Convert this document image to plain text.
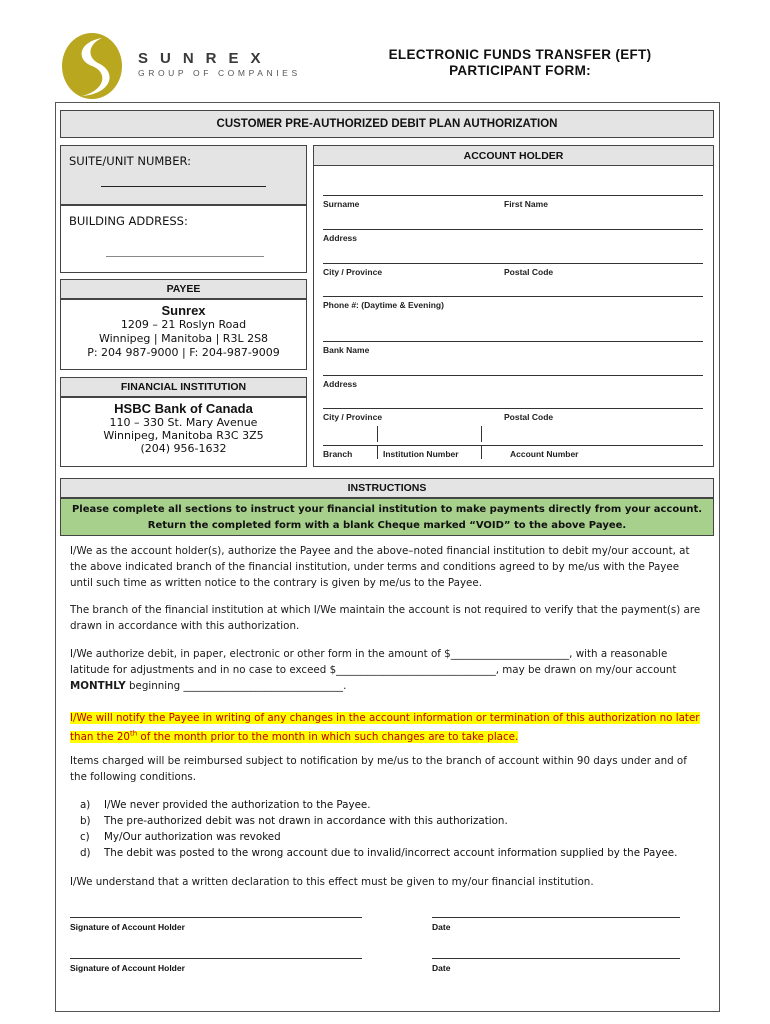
SUNREX
GROUP OF COMPANIES
ELECTRONIC FUNDS TRANSFER (EFT)
PARTICIPANT FORM:
CUSTOMER PRE-AUTHORIZED DEBIT PLAN AUTHORIZATION
SUITE/UNIT NUMBER:
BUILDING ADDRESS:
PAYEE
Sunrex
1209 – 21 Roslyn Road
Winnipeg | Manitoba | R3L 2S8
P: 204 987-9000 | F: 204-987-9009
FINANCIAL INSTITUTION
HSBC Bank of Canada
110 – 330 St. Mary Avenue
Winnipeg, Manitoba R3C 3Z5
(204) 956-1632
ACCOUNT HOLDER
Surname	First Name
Address
City / Province	Postal Code
Phone #: (Daytime & Evening)
Bank Name
Address
City / Province	Postal Code
Branch	Institution Number	Account Number
INSTRUCTIONS
Please complete all sections to instruct your financial institution to make payments directly from your account.
Return the completed form with a blank Cheque marked “VOID” to the above Payee.
I/We as the account holder(s), authorize the Payee and the above–noted financial institution to debit my/our account, at the above indicated branch of the financial institution, under terms and conditions agreed to by me/us with the Payee until such time as written notice to the contrary is given by me/us to the Payee.
The branch of the financial institution at which I/We maintain the account is not required to verify that the payment(s) are drawn in accordance with this authorization.
I/We authorize debit, in paper, electronic or other form in the amount of $_______________________, with a reasonable latitude for adjustments and in no case to exceed $_______________________________, may be drawn on my/our account MONTHLY beginning _______________________________.
I/We will notify the Payee in writing of any changes in the account information or termination of this authorization no later than the 20th of the month prior to the month in which such changes are to take place.
Items charged will be reimbursed subject to notification by me/us to the branch of account within 90 days under and of the following conditions.
a)	I/We never provided the authorization to the Payee.
b)	The pre-authorized debit was not drawn in accordance with this authorization.
c)	My/Our authorization was revoked
d)	The debit was posted to the wrong account due to invalid/incorrect account information supplied by the Payee.
I/We understand that a written declaration to this effect must be given to my/our financial institution.
Signature of Account Holder	Date
Signature of Account Holder	Date
